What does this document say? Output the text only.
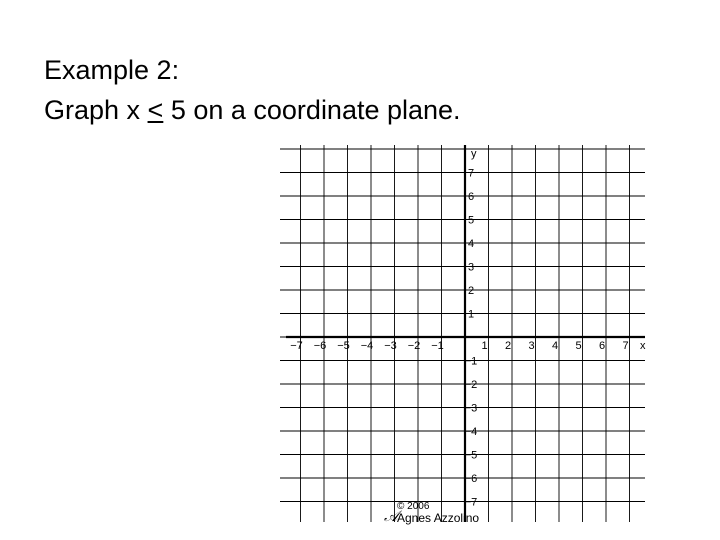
Example 2:
Graph x ≤ 5 on a coordinate plane.
−7 −6 −5 −4 −3 −2 −1	1 2 3 4 5 6 7
7
6
5
4
3
2
1
−1
−2
−3
−4
−5
−6
−7
x
y
𝒜
© 2006
Agnes Azzolino
